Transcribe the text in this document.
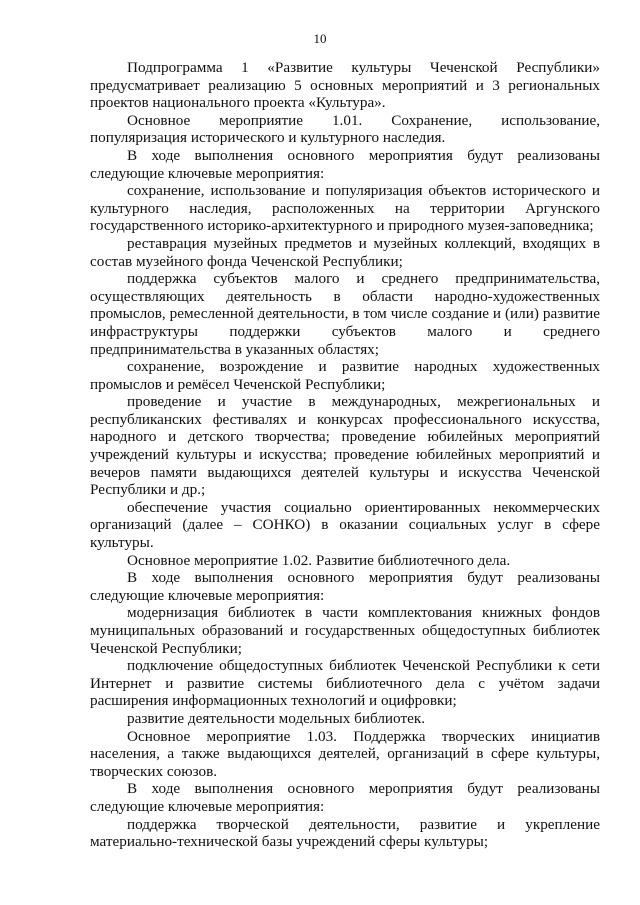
10

Подпрограмма 1 «Развитие культуры Чеченской Республики» предусматривает реализацию 5 основных мероприятий и 3 региональных проектов национального проекта «Культура».

Основное мероприятие 1.01. Сохранение, использование, популяризация исторического и культурного наследия.

В ходе выполнения основного мероприятия будут реализованы следующие ключевые мероприятия:

сохранение, использование и популяризация объектов исторического и культурного наследия, расположенных на территории Аргунского государственного историко-архитектурного и природного музея-заповедника;

реставрация музейных предметов и музейных коллекций, входящих в состав музейного фонда Чеченской Республики;

поддержка субъектов малого и среднего предпринимательства, осуществляющих деятельность в области народно-художественных промыслов, ремесленной деятельности, в том числе создание и (или) развитие инфраструктуры поддержки субъектов малого и среднего предпринимательства в указанных областях;

сохранение, возрождение и развитие народных художественных промыслов и ремёсел Чеченской Республики;

проведение и участие в международных, межрегиональных и республиканских фестивалях и конкурсах профессионального искусства, народного и детского творчества; проведение юбилейных мероприятий учреждений культуры и искусства; проведение юбилейных мероприятий и вечеров памяти выдающихся деятелей культуры и искусства Чеченской Республики и др.;

обеспечение участия социально ориентированных некоммерческих организаций (далее – СОНКО) в оказании социальных услуг в сфере культуры.

Основное мероприятие 1.02. Развитие библиотечного дела.

В ходе выполнения основного мероприятия будут реализованы следующие ключевые мероприятия:

модернизация библиотек в части комплектования книжных фондов муниципальных образований и государственных общедоступных библиотек Чеченской Республики;

подключение общедоступных библиотек Чеченской Республики к сети Интернет и развитие системы библиотечного дела с учётом задачи расширения информационных технологий и оцифровки;

развитие деятельности модельных библиотек.

Основное мероприятие 1.03. Поддержка творческих инициатив населения, а также выдающихся деятелей, организаций в сфере культуры, творческих союзов.

В ходе выполнения основного мероприятия будут реализованы следующие ключевые мероприятия:

поддержка творческой деятельности, развитие и укрепление материально-технической базы учреждений сферы культуры;
